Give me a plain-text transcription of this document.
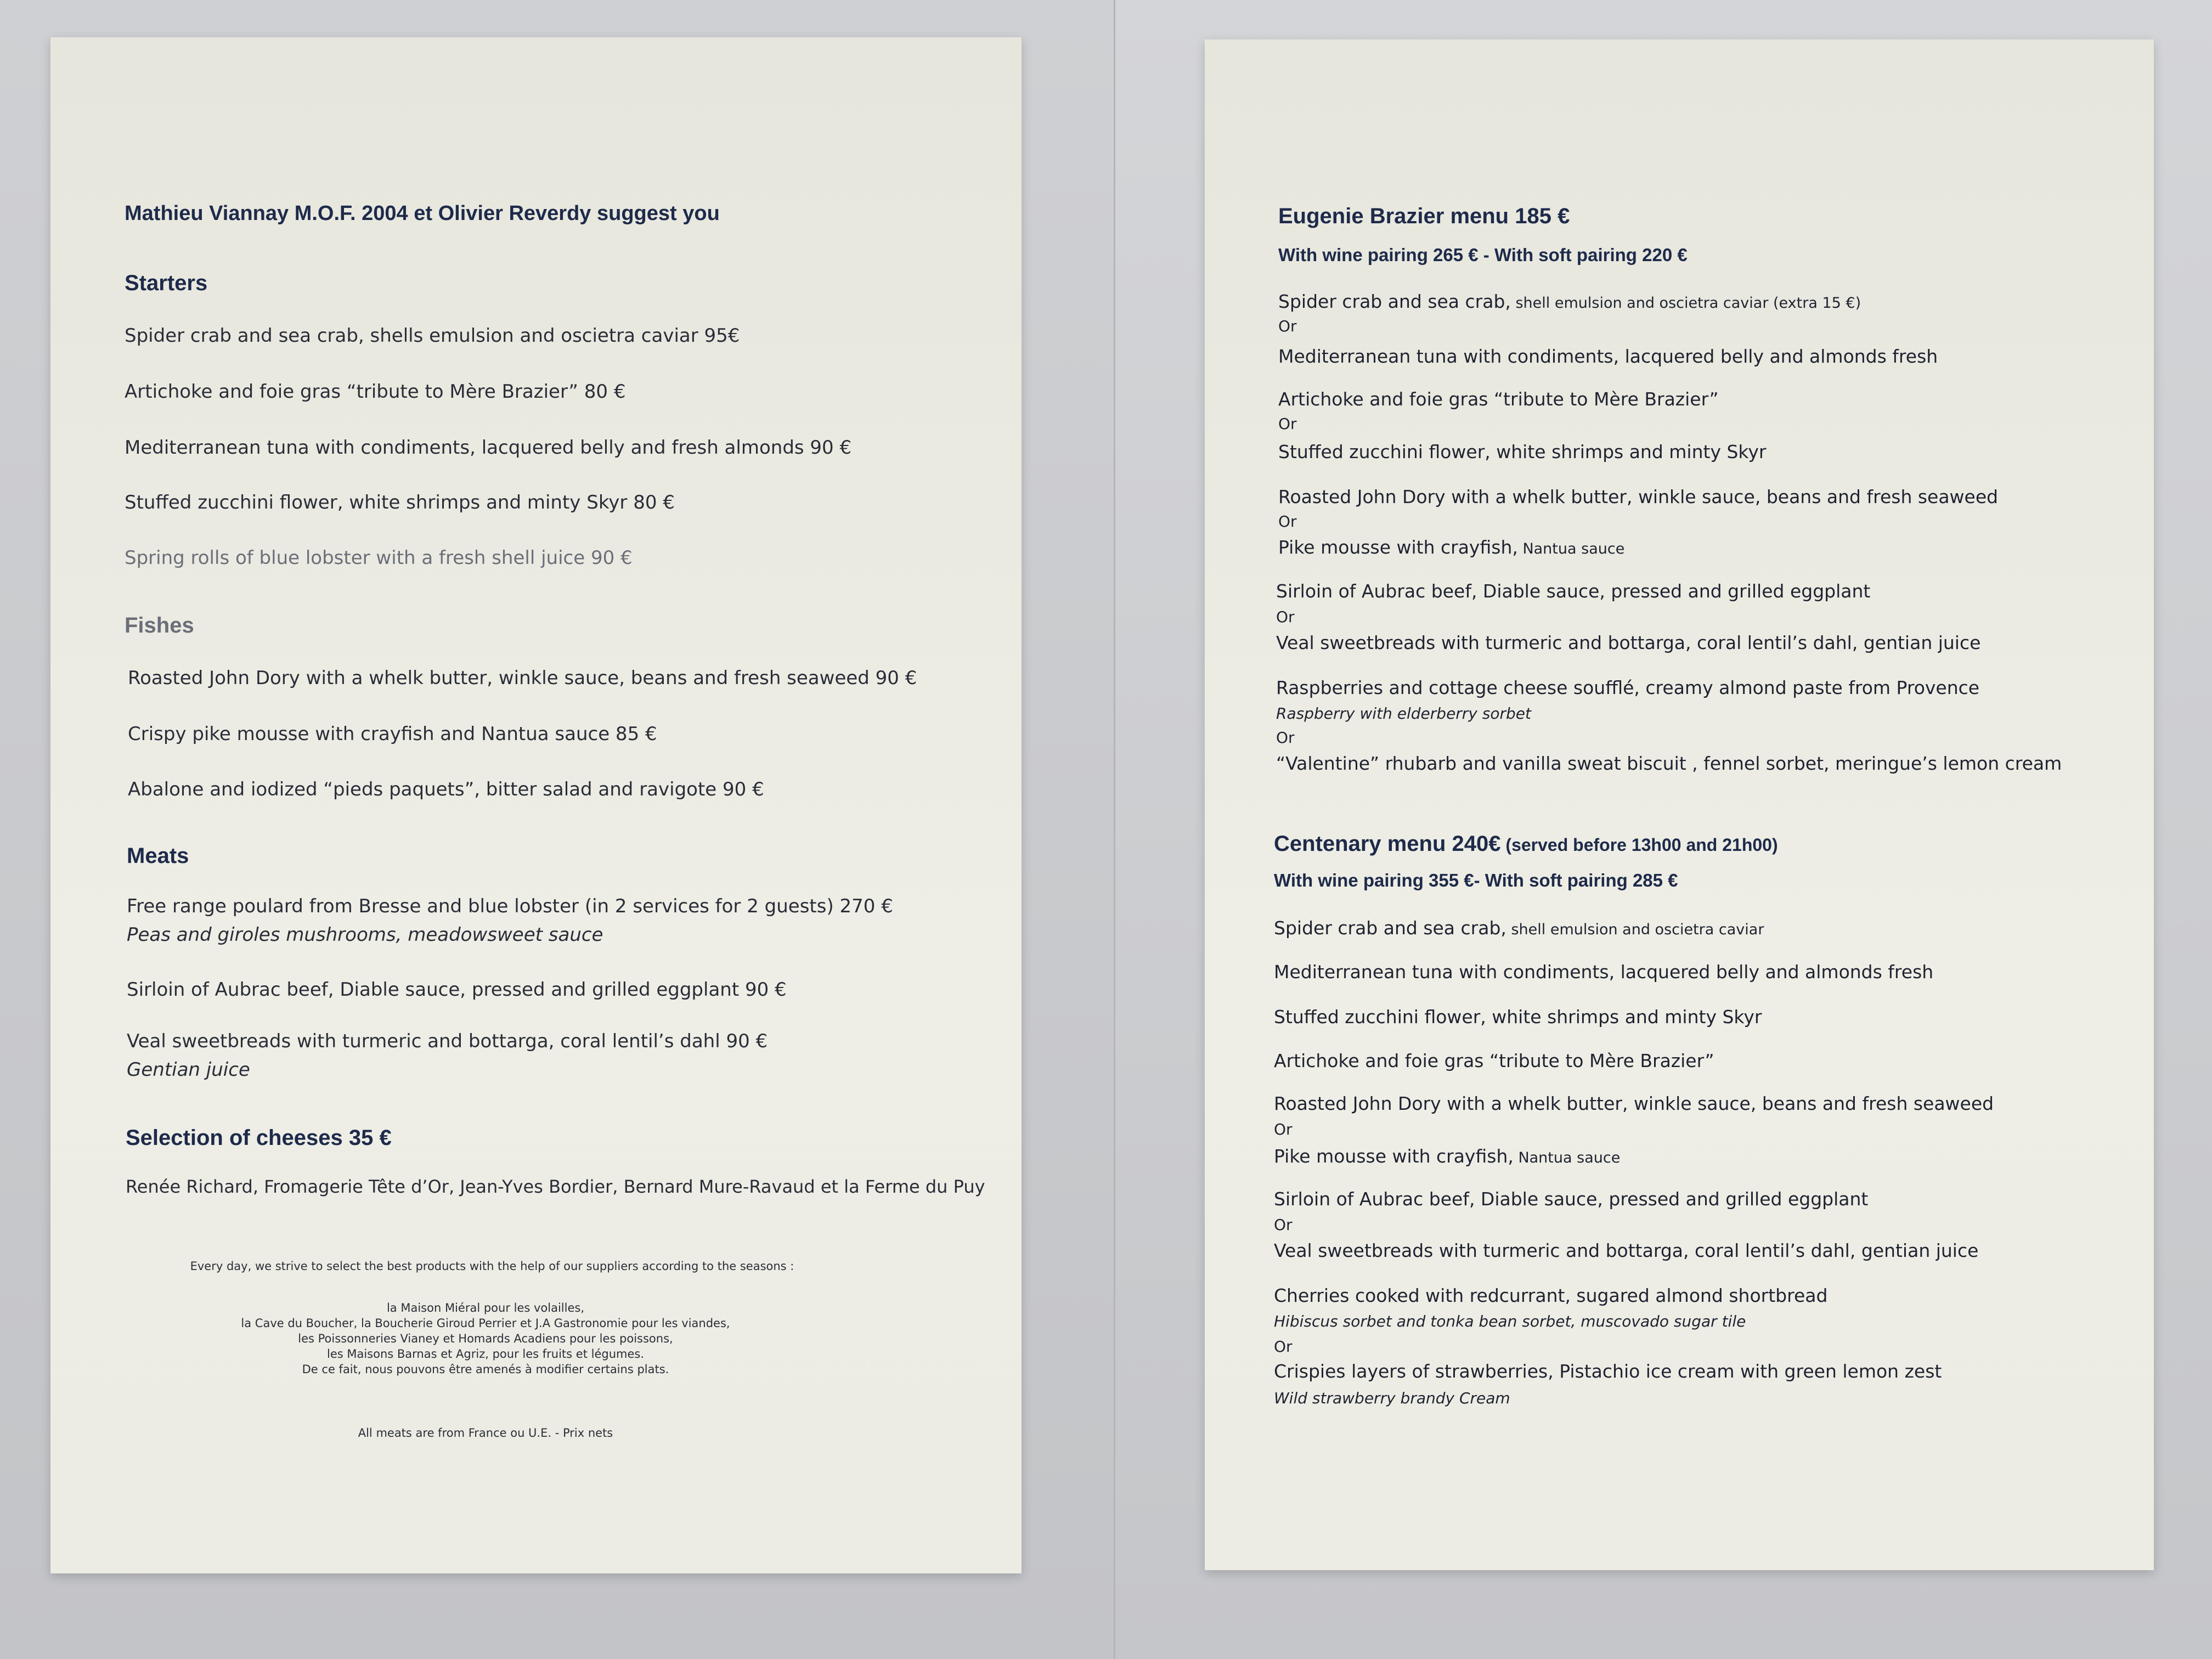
Mathieu Viannay M.O.F. 2004 et Olivier Reverdy suggest you
Starters
Spider crab and sea crab, shells emulsion and oscietra caviar 95€
Artichoke and foie gras “tribute to Mère Brazier” 80 €
Mediterranean tuna with condiments, lacquered belly and fresh almonds 90 €
Stuffed zucchini flower, white shrimps and minty Skyr 80 €
Spring rolls of blue lobster with a fresh shell juice 90 €
Fishes
Roasted John Dory with a whelk butter, winkle sauce, beans and fresh seaweed 90 €
Crispy pike mousse with crayfish and Nantua sauce 85 €
Abalone and iodized “pieds paquets”, bitter salad and ravigote 90 €
Meats
Free range poulard from Bresse and blue lobster (in 2 services for 2 guests) 270 €
Peas and giroles mushrooms, meadowsweet sauce
Sirloin of Aubrac beef, Diable sauce, pressed and grilled eggplant 90 €
Veal sweetbreads with turmeric and bottarga, coral lentil’s dahl 90 €
Gentian juice
Selection of cheeses 35 €
Renée Richard, Fromagerie Tête d’Or, Jean-Yves Bordier, Bernard Mure-Ravaud et la Ferme du Puy
Every day, we strive to select the best products with the help of our suppliers according to the seasons :
la Maison Miéral pour les volailles,
la Cave du Boucher, la Boucherie Giroud Perrier et J.A Gastronomie pour les viandes,
les Poissonneries Vianey et Homards Acadiens pour les poissons,
les Maisons Barnas et Agriz, pour les fruits et légumes.
De ce fait, nous pouvons être amenés à modifier certains plats.
All meats are from France ou U.E. - Prix nets
Eugenie Brazier menu 185 €
With wine pairing 265 € - With soft pairing 220 €
Spider crab and sea crab, shell emulsion and oscietra caviar (extra 15 €)
Or
Mediterranean tuna with condiments, lacquered belly and almonds fresh
Artichoke and foie gras “tribute to Mère Brazier”
Or
Stuffed zucchini flower, white shrimps and minty Skyr
Roasted John Dory with a whelk butter, winkle sauce, beans and fresh seaweed
Or
Pike mousse with crayfish, Nantua sauce
Sirloin of Aubrac beef, Diable sauce, pressed and grilled eggplant
Or
Veal sweetbreads with turmeric and bottarga, coral lentil’s dahl, gentian juice
Raspberries and cottage cheese soufflé, creamy almond paste from Provence
Raspberry with elderberry sorbet
Or
“Valentine” rhubarb and vanilla sweat biscuit , fennel sorbet, meringue’s lemon cream
Centenary menu 240€ (served before 13h00 and 21h00)
With wine pairing 355 €- With soft pairing 285 €
Spider crab and sea crab, shell emulsion and oscietra caviar
Mediterranean tuna with condiments, lacquered belly and almonds fresh
Stuffed zucchini flower, white shrimps and minty Skyr
Artichoke and foie gras “tribute to Mère Brazier”
Roasted John Dory with a whelk butter, winkle sauce, beans and fresh seaweed
Or
Pike mousse with crayfish, Nantua sauce
Sirloin of Aubrac beef, Diable sauce, pressed and grilled eggplant
Or
Veal sweetbreads with turmeric and bottarga, coral lentil’s dahl, gentian juice
Cherries cooked with redcurrant, sugared almond shortbread
Hibiscus sorbet and tonka bean sorbet, muscovado sugar tile
Or
Crispies layers of strawberries, Pistachio ice cream with green lemon zest
Wild strawberry brandy Cream
